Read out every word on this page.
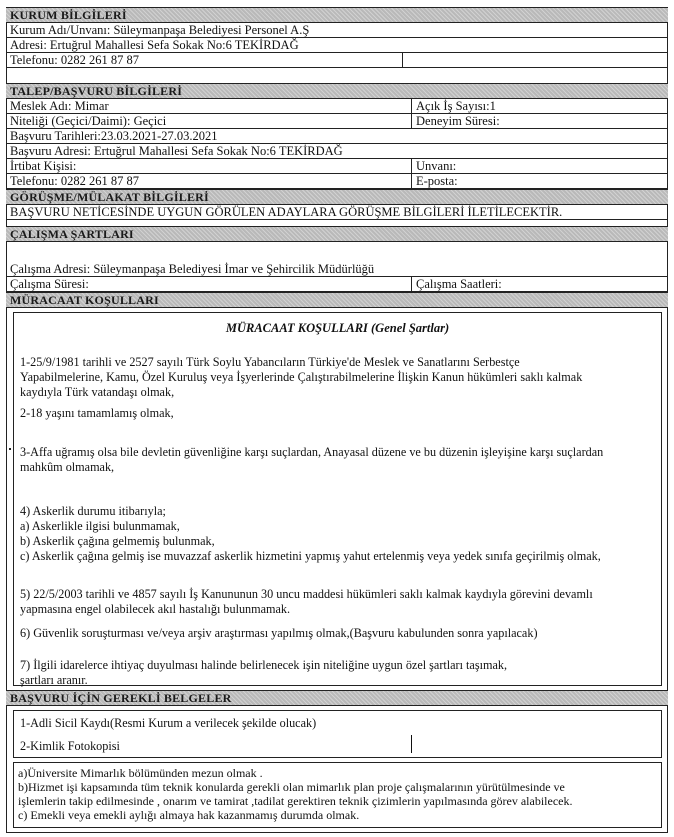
KURUM BİLGİLERİ
Kurum Adı/Unvanı: Süleymanpaşa Belediyesi Personel A.Ş
Adresi: Ertuğrul Mahallesi Sefa Sokak No:6 TEKİRDAĞ
Telefonu: 0282 261 87 87
TALEP/BAŞVURU BİLGİLERİ
Meslek Adı: Mimar	Açık İş Sayısı:1
Niteliği (Geçici/Daimi): Geçici	Deneyim Süresi:
Başvuru Tarihleri:23.03.2021-27.03.2021
Başvuru Adresi: Ertuğrul Mahallesi Sefa Sokak No:6 TEKİRDAĞ
İrtibat Kişisi:	Unvanı:
Telefonu: 0282 261 87 87	E-posta:
GÖRÜŞME/MÜLAKAT BİLGİLERİ
BAŞVURU NETİCESİNDE UYGUN GÖRÜLEN ADAYLARA GÖRÜŞME BİLGİLERİ İLETİLECEKTİR.
ÇALIŞMA ŞARTLARI
Çalışma Adresi: Süleymanpaşa Belediyesi İmar ve Şehircilik Müdürlüğü
Çalışma Süresi:	Çalışma Saatleri:
MÜRACAAT KOŞULLARI
MÜRACAAT KOŞULLARI (Genel Şartlar)
1-25/9/1981 tarihli ve 2527 sayılı Türk Soylu Yabancıların Türkiye'de Meslek ve Sanatlarını Serbestçe
Yapabilmelerine, Kamu, Özel Kuruluş veya İşyerlerinde Çalıştırabilmelerine İlişkin Kanun hükümleri saklı kalmak
kaydıyla Türk vatandaşı olmak,
2-18 yaşını tamamlamış olmak,
3-Affa uğramış olsa bile devletin güvenliğine karşı suçlardan, Anayasal düzene ve bu düzenin işleyişine karşı suçlardan
mahkûm olmamak,
4) Askerlik durumu itibarıyla;
a) Askerlikle ilgisi bulunmamak,
b) Askerlik çağına gelmemiş bulunmak,
c) Askerlik çağına gelmiş ise muvazzaf askerlik hizmetini yapmış yahut ertelenmiş veya yedek sınıfa geçirilmiş olmak,
5) 22/5/2003 tarihli ve 4857 sayılı İş Kanununun 30 uncu maddesi hükümleri saklı kalmak kaydıyla görevini devamlı
yapmasına engel olabilecek akıl hastalığı bulunmamak.
6) Güvenlik soruşturması ve/veya arşiv araştırması yapılmış olmak,(Başvuru kabulunden sonra yapılacak)
7) İlgili idarelerce ihtiyaç duyulması halinde belirlenecek işin niteliğine uygun özel şartları taşımak,
şartları aranır.
BAŞVURU İÇİN GEREKLİ BELGELER
1-Adli Sicil Kaydı(Resmi Kurum a verilecek şekilde olucak)
2-Kimlik Fotokopisi
a)Üniversite Mimarlık bölümünden mezun olmak .
b)Hizmet işi kapsamında tüm teknik konularda gerekli olan mimarlık plan proje çalışmalarının yürütülmesinde ve
işlemlerin takip edilmesinde , onarım ve tamirat ,tadilat gerektiren teknik çizimlerin yapılmasında görev alabilecek.
c) Emekli veya emekli aylığı almaya hak kazanmamış durumda olmak.
